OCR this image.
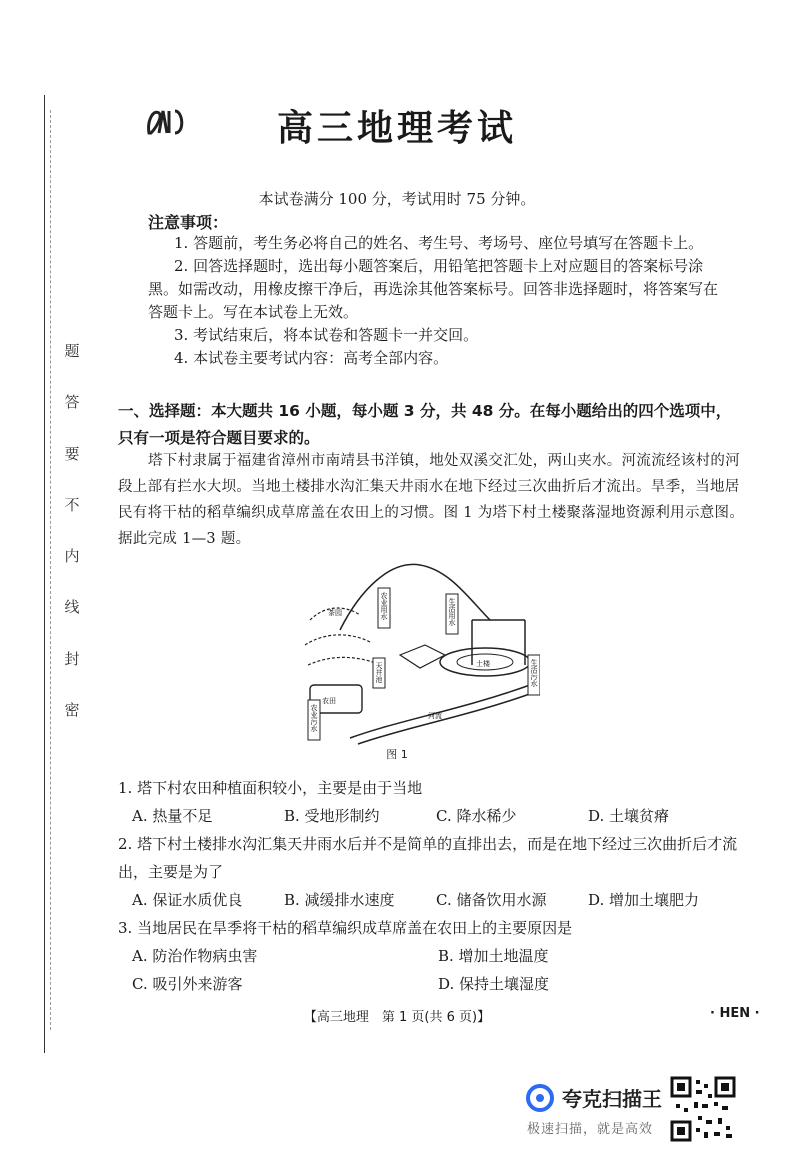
题
答
要
不
内
线
封
密
高三地理考试
本试卷满分 100 分，考试用时 75 分钟。
注意事项：

1. 答题前，考生务必将自己的姓名、考生号、考场号、座位号填写在答题卡上。

2. 回答选择题时，选出每小题答案后，用铅笔把答题卡上对应题目的答案标号涂黑。如需改动，用橡皮擦干净后，再选涂其他答案标号。回答非选择题时，将答案写在答题卡上。写在本试卷上无效。

3. 考试结束后，将本试卷和答题卡一并交回。

4. 本试卷主要考试内容：高考全部内容。

一、选择题：本大题共 16 小题，每小题 3 分，共 48 分。在每小题给出的四个选项中，只有一项是符合题目要求的。
塔下村隶属于福建省漳州市南靖县书洋镇，地处双溪交汇处，两山夹水。河流流经该村的河段上部有拦水大坝。当地土楼排水沟汇集天井雨水在地下经过三次曲折后才流出。旱季，当地居民有将干枯的稻草编织成草席盖在农田上的习惯。图 1 为塔下村土楼聚落湿地资源利用示意图。据此完成 1—3 题。
茶园	农业用水	生活用水
土楼
天井池
农田
河流
生活污水
农业污水
图 1
1. 塔下村农田种植面积较小，主要是由于当地
A. 热量不足	B. 受地形制约	C. 降水稀少	D. 土壤贫瘠
2. 塔下村土楼排水沟汇集天井雨水后并不是简单的直排出去，而是在地下经过三次曲折后才流出，主要是为了
A. 保证水质优良	B. 减缓排水速度	C. 储备饮用水源	D. 增加土壤肥力
3. 当地居民在旱季将干枯的稻草编织成草席盖在农田上的主要原因是
A. 防治作物病虫害	B. 增加土地温度
C. 吸引外来游客	D. 保持土壤湿度
【高三地理　第 1 页(共 6 页)】	· HEN ·
夸克扫描王
极速扫描，就是高效
